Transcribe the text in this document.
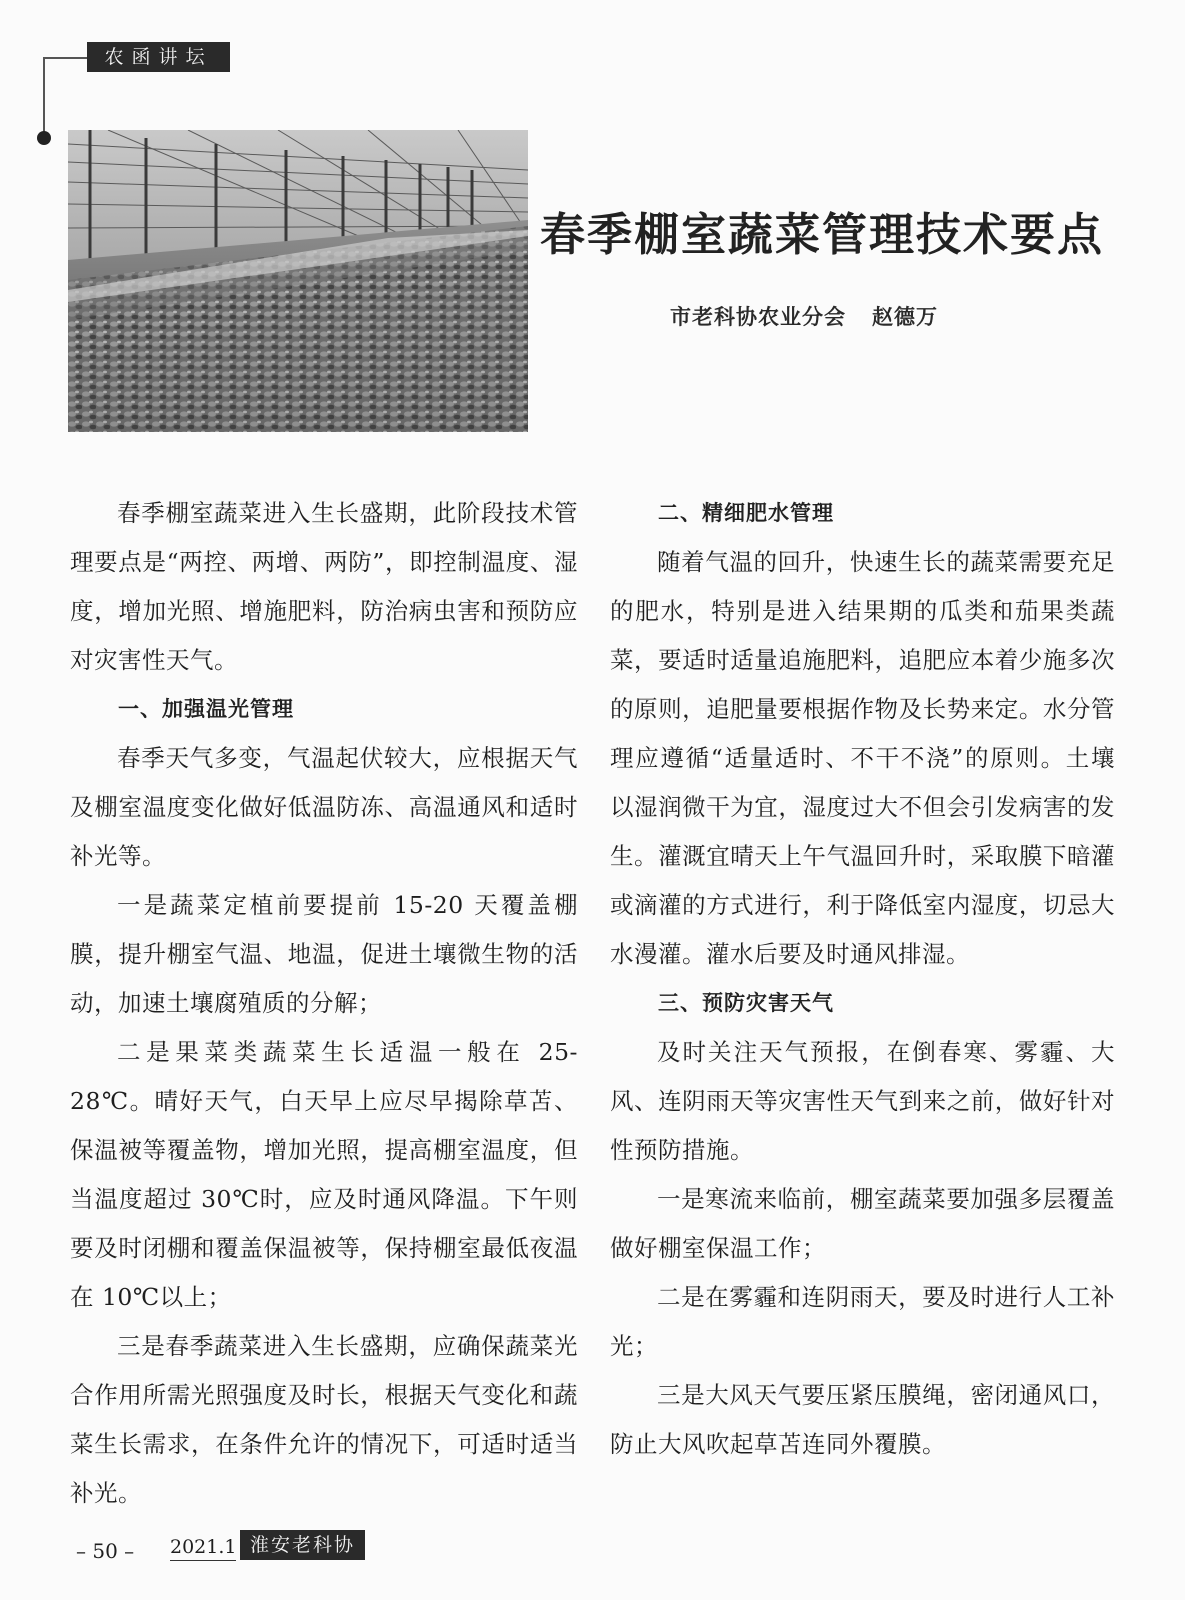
农函讲坛
春季棚室蔬菜管理技术要点
市老科协农业分会 赵德万

春季棚室蔬菜进入生长盛期，此阶段技术管理要点是“两控、两增、两防”，即控制温度、湿度，增加光照、增施肥料，防治病虫害和预防应对灾害性天气。

一、加强温光管理

春季天气多变，气温起伏较大，应根据天气及棚室温度变化做好低温防冻、高温通风和适时补光等。

一是蔬菜定植前要提前 15-20 天覆盖棚膜，提升棚室气温、地温，促进土壤微生物的活动，加速土壤腐殖质的分解；

二是果菜类蔬菜生长适温一般在 25-28℃。晴好天气，白天早上应尽早揭除草苫、保温被等覆盖物，增加光照，提高棚室温度，但当温度超过 30℃时，应及时通风降温。下午则要及时闭棚和覆盖保温被等，保持棚室最低夜温在 10℃以上；

三是春季蔬菜进入生长盛期，应确保蔬菜光合作用所需光照强度及时长，根据天气变化和蔬菜生长需求，在条件允许的情况下，可适时适当补光。

二、精细肥水管理

随着气温的回升，快速生长的蔬菜需要充足的肥水，特别是进入结果期的瓜类和茄果类蔬菜，要适时适量追施肥料，追肥应本着少施多次的原则，追肥量要根据作物及长势来定。水分管理应遵循“适量适时、不干不浇”的原则。土壤以湿润微干为宜，湿度过大不但会引发病害的发生。灌溉宜晴天上午气温回升时，采取膜下暗灌或滴灌的方式进行，利于降低室内湿度，切忌大水漫灌。灌水后要及时通风排湿。

三、预防灾害天气

及时关注天气预报，在倒春寒、雾霾、大风、连阴雨天等灾害性天气到来之前，做好针对性预防措施。

一是寒流来临前，棚室蔬菜要加强多层覆盖做好棚室保温工作；

二是在雾霾和连阴雨天，要及时进行人工补光；

三是大风天气要压紧压膜绳，密闭通风口，防止大风吹起草苫连同外覆膜。

– 50 – 2021.1 淮安老科协
